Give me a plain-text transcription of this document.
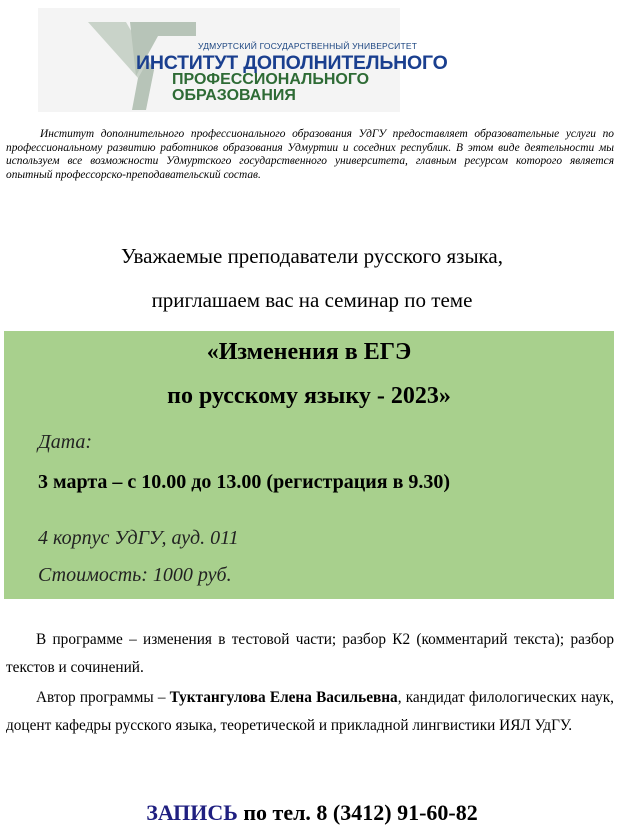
УДМУРТСКИЙ ГОСУДАРСТВЕННЫЙ УНИВЕРСИТЕТ
ИНСТИТУТ ДОПОЛНИТЕЛЬНОГО
ПРОФЕССИОНАЛЬНОГО
ОБРАЗОВАНИЯ

Институт дополнительного профессионального образования УдГУ предоставляет образовательные услуги по профессиональному развитию работников образования Удмуртии и соседних республик. В этом виде деятельности мы используем все возможности Удмуртского государственного университета, главным ресурсом которого является опытный профессорско-преподавательский состав.

Уважаемые преподаватели русского языка,

приглашаем вас на семинар по теме

«Изменения в ЕГЭ

по русскому языку - 2023»

Дата:
3 марта – с 10.00 до 13.00 (регистрация в 9.30)
4 корпус УдГУ, ауд. 011
Стоимость: 1000 руб.

В программе – изменения в тестовой части; разбор К2 (комментарий текста); разбор текстов и сочинений.

Автор программы – Туктангулова Елена Васильевна, кандидат филологических наук, доцент кафедры русского языка, теоретической и прикладной лингвистики ИЯЛ УдГУ.

ЗАПИСЬ по тел. 8 (3412) 91-60-82
